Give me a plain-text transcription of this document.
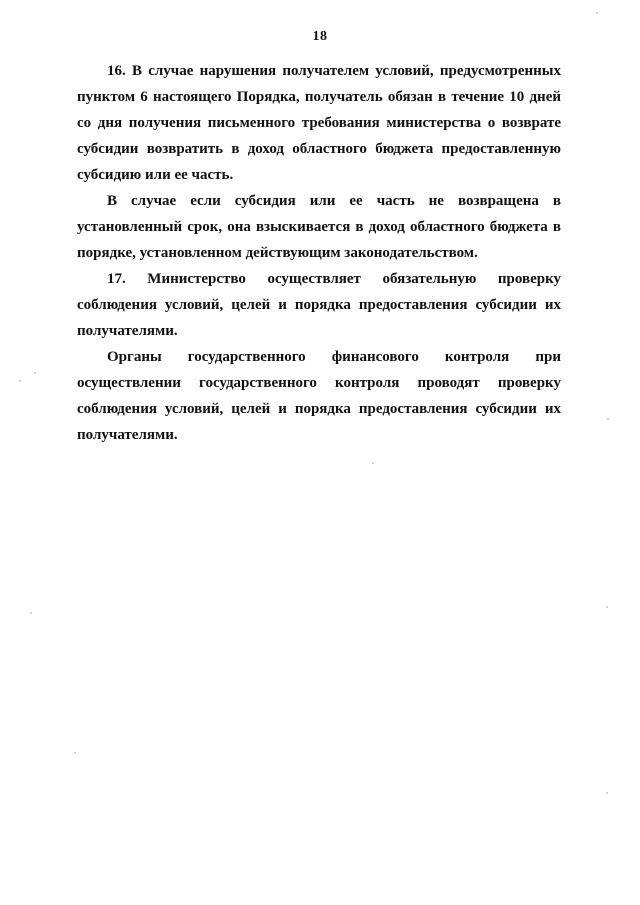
18

16. В случае нарушения получателем условий, предусмотренных пунктом 6 настоящего Порядка, получатель обязан в течение 10 дней со дня получения письменного требования министерства о возврате субсидии возвратить в доход областного бюджета предоставленную субсидию или ее часть.

В случае если субсидия или ее часть не возвращена в установленный срок, она взыскивается в доход областного бюджета в порядке, установленном действующим законодательством.

17. Министерство осуществляет обязательную проверку соблюдения условий, целей и порядка предоставления субсидии их получателями.

Органы государственного финансового контроля при осуществлении государственного контроля проводят проверку соблюдения условий, целей и порядка предоставления субсидии их получателями.
